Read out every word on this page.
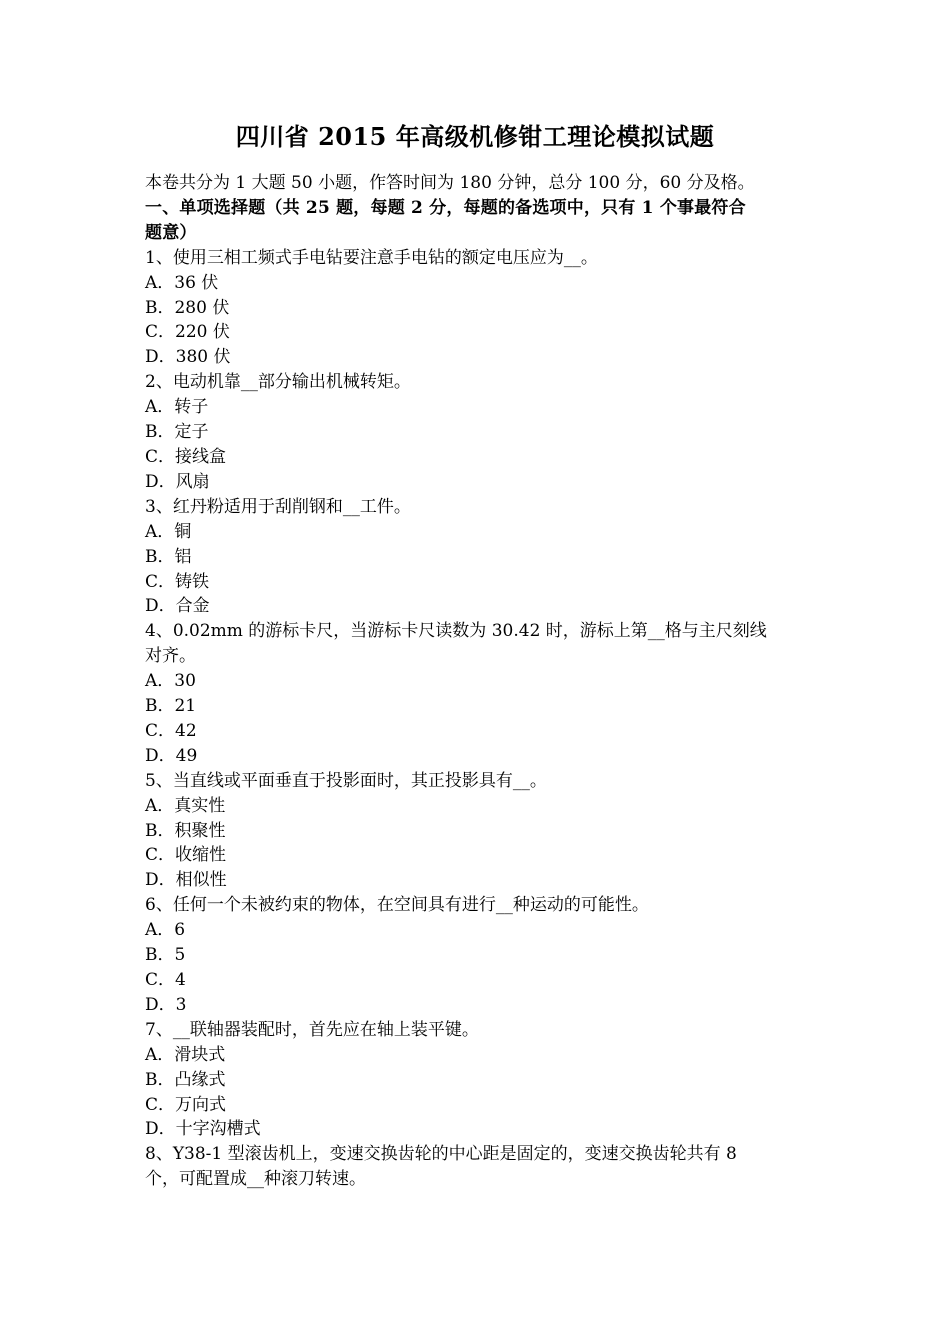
四川省 2015 年高级机修钳工理论模拟试题
本卷共分为 1 大题 50 小题，作答时间为 180 分钟，总分 100 分，60 分及格。
一、单项选择题（共 25 题，每题 2 分，每题的备选项中，只有 1 个事最符合
题意）
1、使用三相工频式手电钻要注意手电钻的额定电压应为__。
A．36 伏
B．280 伏
C．220 伏
D．380 伏
2、电动机靠__部分输出机械转矩。
A．转子
B．定子
C．接线盒
D．风扇
3、红丹粉适用于刮削钢和__工件。
A．铜
B．铝
C．铸铁
D．合金
4、0.02mm 的游标卡尺，当游标卡尺读数为 30.42 时，游标上第__格与主尺刻线
对齐。
A．30
B．21
C．42
D．49
5、当直线或平面垂直于投影面时，其正投影具有__。
A．真实性
B．积聚性
C．收缩性
D．相似性
6、任何一个未被约束的物体，在空间具有进行__种运动的可能性。
A．6
B．5
C．4
D．3
7、__联轴器装配时，首先应在轴上装平键。
A．滑块式
B．凸缘式
C．万向式
D．十字沟槽式
8、Y38-1 型滚齿机上，变速交换齿轮的中心距是固定的，变速交换齿轮共有 8
个，可配置成__种滚刀转速。
